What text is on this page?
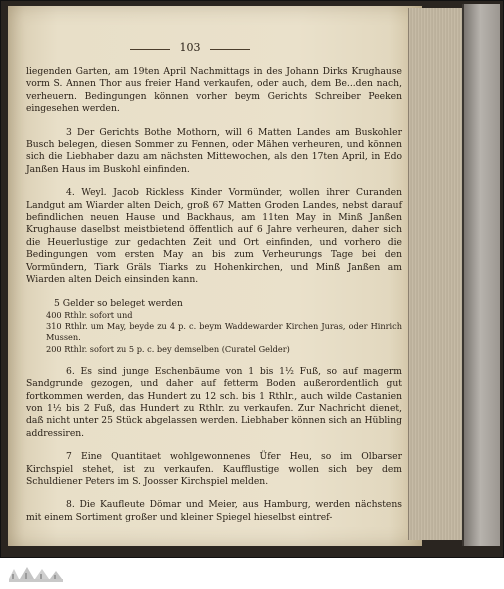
103

liegenden Garten, am 19ten April Nachmittags in des Johann Dirks Krughause vorm S. Annen Thor aus freier Hand verkaufen, oder auch, dem Be...den nach, verheuern. Bedingungen können vorher beym Gerichts Schreiber Peeken eingesehen werden.

3 Der Gerichts Bothe Mothorn, will 6 Matten Landes am Buskohler Busch belegen, diesen Sommer zu Fennen, oder Mähen verheuren, und können sich die Liebhaber dazu am nächsten Mittewochen, als den 17ten April, in Edo Janßen Haus im Buskohl einfinden.

4. Weyl. Jacob Rickless Kinder Vormünder, wollen ihrer Curanden Landgut am Wiarder alten Deich, groß 67 Matten Groden Landes, nebst darauf befindlichen neuen Hause und Backhaus, am 11ten May in Minß Janßen Krughause daselbst meistbietend öffentlich auf 6 Jahre verheuren, daher sich die Heuerlustige zur gedachten Zeit und Ort einfinden, und vorhero die Bedingungen vom ersten May an bis zum Verheurungs Tage bei den Vormündern, Tiark Gräls Tiarks zu Hohenkirchen, und Minß Janßen am Wiarden alten Deich einsinden kann.

5 Gelder so beleget werden

400 Rthlr. sofort und
310 Rthlr. um May, beyde zu 4 p. c. beym Waddewarder Kirchen Juras, oder Hinrich Mussen.
200 Rthlr. sofort zu 5 p. c. bey demselben (Curatel Gelder)

6. Es sind junge Eschenbäume von 1 bis 1½ Fuß, so auf magerm Sandgrunde gezogen, und daher auf fetterm Boden außerordentlich gut fortkommen werden, das Hundert zu 12 sch. bis 1 Rthlr., auch wilde Castanien von 1½ bis 2 Fuß, das Hundert zu Rthlr. zu verkaufen. Zur Nachricht dienet, daß nicht unter 25 Stück abgelassen werden. Liebhaber können sich an Hübling addressiren.

7 Eine Quantitaet wohlgewonnenes Üfer Heu, so im Olbarser Kirchspiel stehet, ist zu verkaufen. Kaufflustige wollen sich bey dem Schuldiener Peters im S. Joosser Kirchspiel melden.

8. Die Kaufleute Dömar und Meier, aus Hamburg, werden nächstens mit einem Sortiment großer und kleiner Spiegel hieselbst eintref-
